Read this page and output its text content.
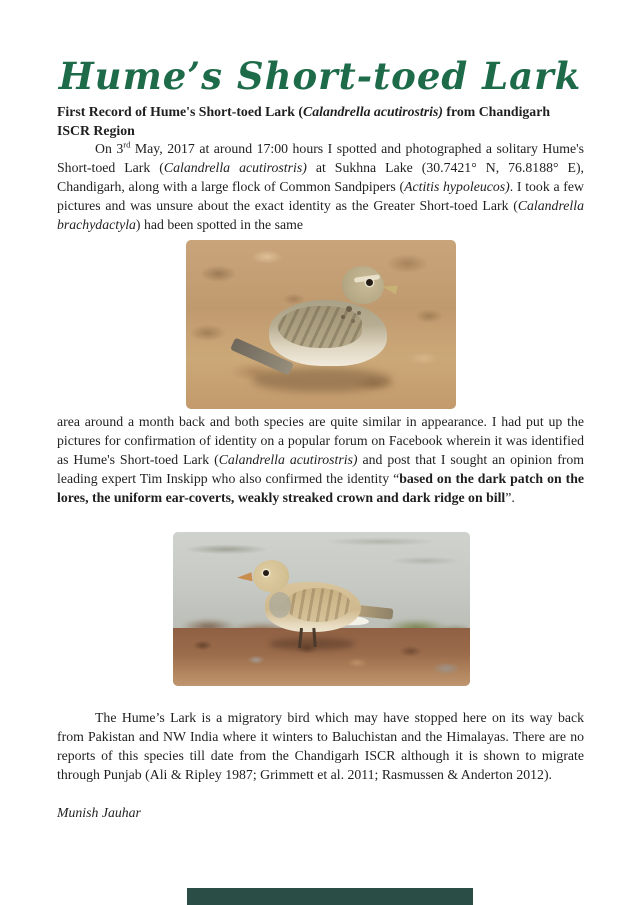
Hume’s Short-toed Lark
First Record of Hume's Short-toed Lark (Calandrella acutirostris) from Chandigarh ISCR Region
On 3rd May, 2017 at around 17:00 hours I spotted and photographed a solitary Hume's Short-toed Lark (Calandrella acutirostris) at Sukhna Lake (30.7421° N, 76.8188° E), Chandigarh, along with a large flock of Common Sandpipers (Actitis hypoleucos). I took a few pictures and was unsure about the exact identity as the Greater Short-toed Lark (Calandrella brachydactyla) had been spotted in the same
area around a month back and both species are quite similar in appearance. I had put up the pictures for confirmation of identity on a popular forum on Facebook wherein it was identified as Hume's Short-toed Lark (Calandrella acutirostris) and post that I sought an opinion from leading expert Tim Inskipp who also confirmed the identity “based on the dark patch on the lores, the uniform ear-coverts, weakly streaked crown and dark ridge on bill”.
The Hume’s Lark is a migratory bird which may have stopped here on its way back from Pakistan and NW India where it winters to Baluchistan and the Himalayas. There are no reports of this species till date from the Chandigarh ISCR although it is shown to migrate through Punjab (Ali & Ripley 1987; Grimmett et al. 2011; Rasmussen & Anderton 2012).
Munish Jauhar
